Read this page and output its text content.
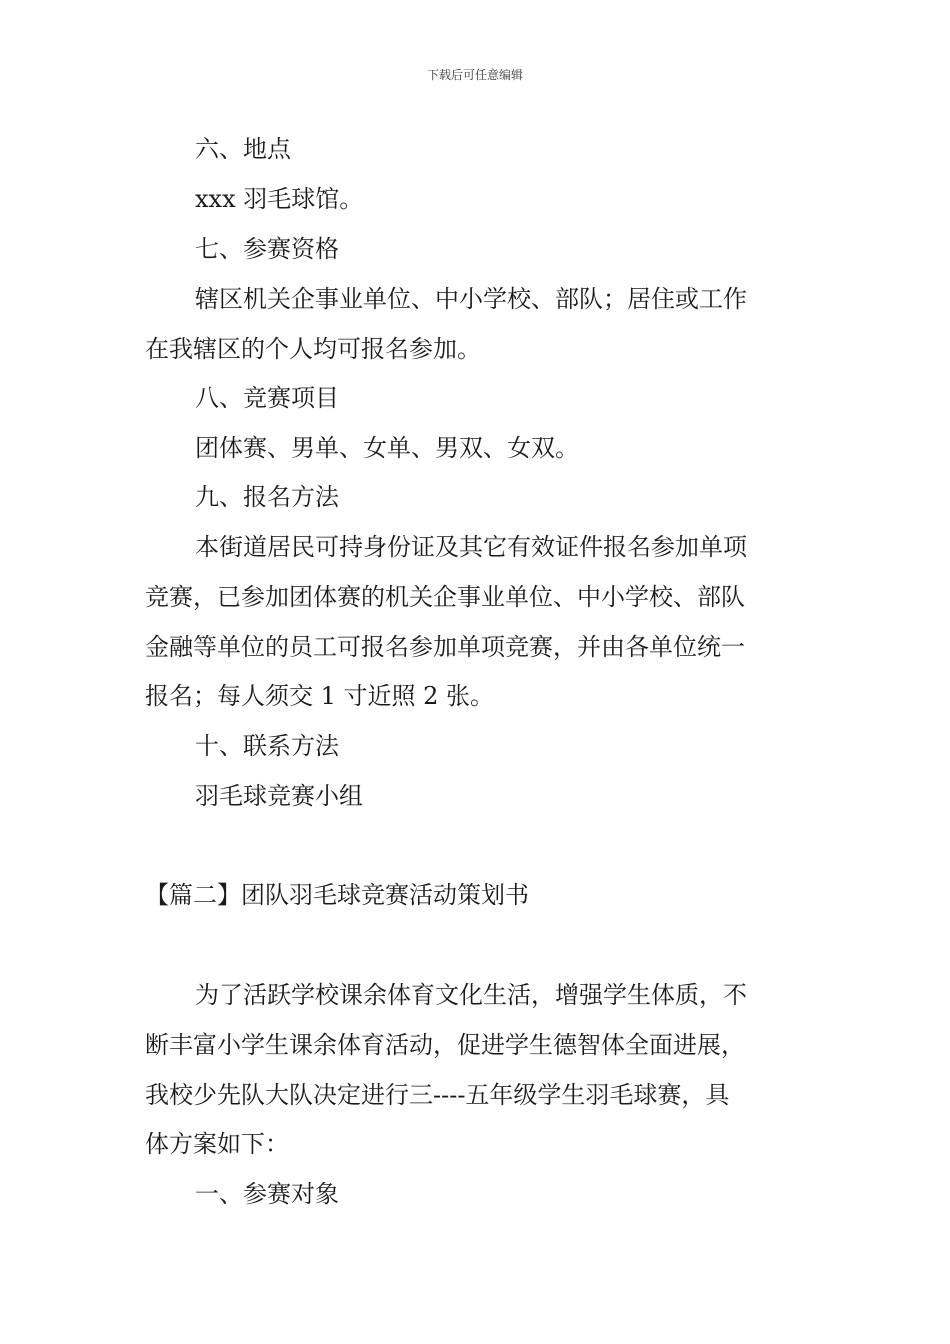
下载后可任意编辑
六、地点
xxx 羽毛球馆。
七、参赛资格
辖区机关企事业单位、中小学校、部队；居住或工作
在我辖区的个人均可报名参加。
八、竞赛项目
团体赛、男单、女单、男双、女双。
九、报名方法
本街道居民可持身份证及其它有效证件报名参加单项
竞赛，已参加团体赛的机关企事业单位、中小学校、部队
金融等单位的员工可报名参加单项竞赛，并由各单位统一
报名；每人须交 1 寸近照 2 张。
十、联系方法
羽毛球竞赛小组
【篇二】团队羽毛球竞赛活动策划书
为了活跃学校课余体育文化生活，增强学生体质，不
断丰富小学生课余体育活动，促进学生德智体全面进展，
我校少先队大队决定进行三----五年级学生羽毛球赛，具
体方案如下：
一、参赛对象
